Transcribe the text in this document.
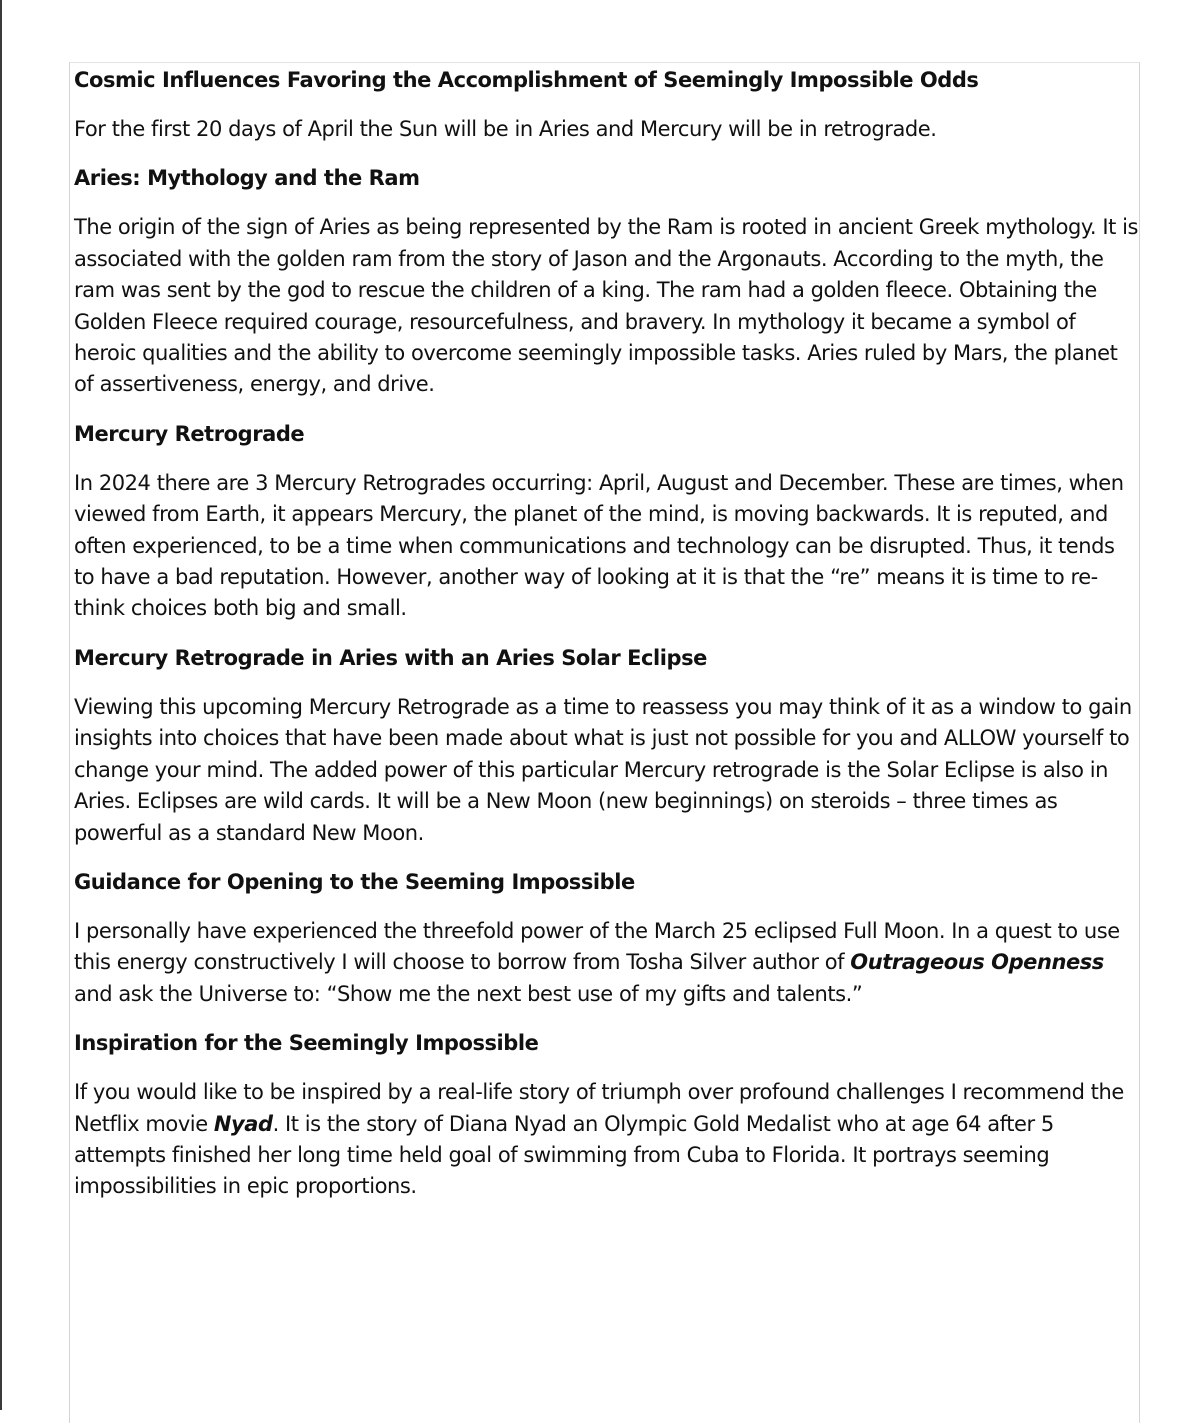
Cosmic Influences Favoring the Accomplishment of Seemingly Impossible Odds

For the first 20 days of April the Sun will be in Aries and Mercury will be in retrograde.

Aries: Mythology and the Ram

The origin of the sign of Aries as being represented by the Ram is rooted in ancient Greek mythology. It is associated with the golden ram from the story of Jason and the Argonauts. According to the myth, the ram was sent by the god to rescue the children of a king. The ram had a golden fleece. Obtaining the Golden Fleece required courage, resourcefulness, and bravery. In mythology it became a symbol of heroic qualities and the ability to overcome seemingly impossible tasks. Aries ruled by Mars, the planet of assertiveness, energy, and drive.

Mercury Retrograde

In 2024 there are 3 Mercury Retrogrades occurring: April, August and December. These are times, when viewed from Earth, it appears Mercury, the planet of the mind, is moving backwards. It is reputed, and often experienced, to be a time when communications and technology can be disrupted. Thus, it tends to have a bad reputation. However, another way of looking at it is that the “re” means it is time to re-think choices both big and small.

Mercury Retrograde in Aries with an Aries Solar Eclipse

Viewing this upcoming Mercury Retrograde as a time to reassess you may think of it as a window to gain insights into choices that have been made about what is just not possible for you and ALLOW yourself to change your mind. The added power of this particular Mercury retrograde is the Solar Eclipse is also in Aries. Eclipses are wild cards. It will be a New Moon (new beginnings) on steroids – three times as powerful as a standard New Moon.

Guidance for Opening to the Seeming Impossible

I personally have experienced the threefold power of the March 25 eclipsed Full Moon. In a quest to use this energy constructively I will choose to borrow from Tosha Silver author of Outrageous Openness and ask the Universe to: “Show me the next best use of my gifts and talents.”

Inspiration for the Seemingly Impossible

If you would like to be inspired by a real-life story of triumph over profound challenges I recommend the Netflix movie Nyad. It is the story of Diana Nyad an Olympic Gold Medalist who at age 64 after 5 attempts finished her long time held goal of swimming from Cuba to Florida. It portrays seeming impossibilities in epic proportions.
